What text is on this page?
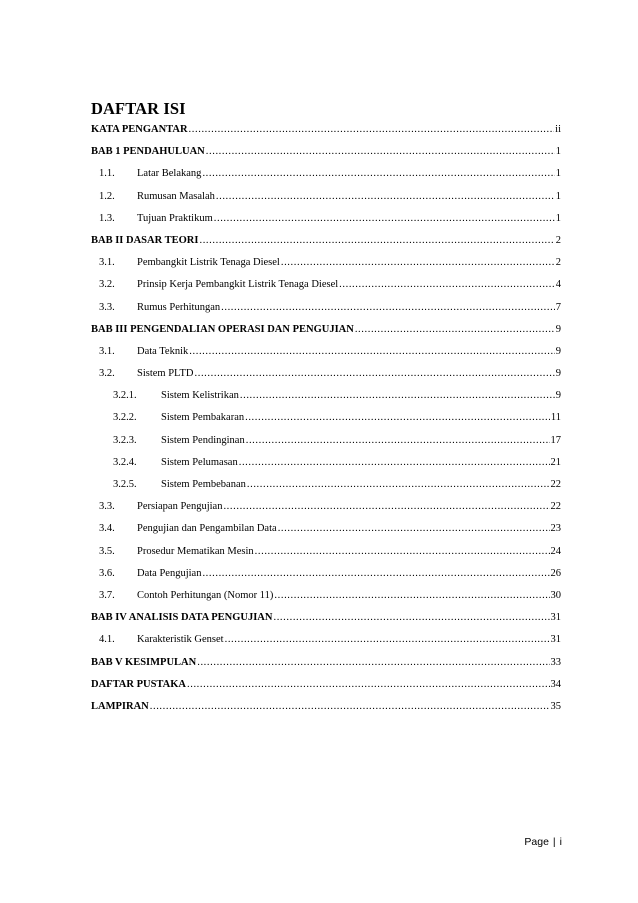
DAFTAR ISI
KATA PENGANTAR .....	ii
BAB 1 PENDAHULUAN .....	1
1.1.	Latar Belakang .....	1
1.2.	Rumusan Masalah .....	1
1.3.	Tujuan Praktikum .....	1
BAB II DASAR TEORI .....	2
3.1.	Pembangkit Listrik Tenaga Diesel .....	2
3.2.	Prinsip Kerja Pembangkit Listrik Tenaga Diesel .....	4
3.3.	Rumus Perhitungan .....	7
BAB III PENGENDALIAN OPERASI DAN PENGUJIAN .....	9
3.1.	Data Teknik .....	9
3.2.	Sistem PLTD .....	9
3.2.1.	Sistem Kelistrikan .....	9
3.2.2.	Sistem Pembakaran .....	11
3.2.3.	Sistem Pendinginan .....	17
3.2.4.	Sistem Pelumasan .....	21
3.2.5.	Sistem Pembebanan .....	22
3.3.	Persiapan Pengujian .....	22
3.4.	Pengujian dan Pengambilan Data .....	23
3.5.	Prosedur Mematikan Mesin .....	24
3.6.	Data Pengujian .....	26
3.7.	Contoh Perhitungan (Nomor 11) .....	30
BAB IV ANALISIS DATA PENGUJIAN .....	31
4.1.	Karakteristik Genset .....	31
BAB V KESIMPULAN .....	33
DAFTAR PUSTAKA .....	34
LAMPIRAN .....	35
Page | i
